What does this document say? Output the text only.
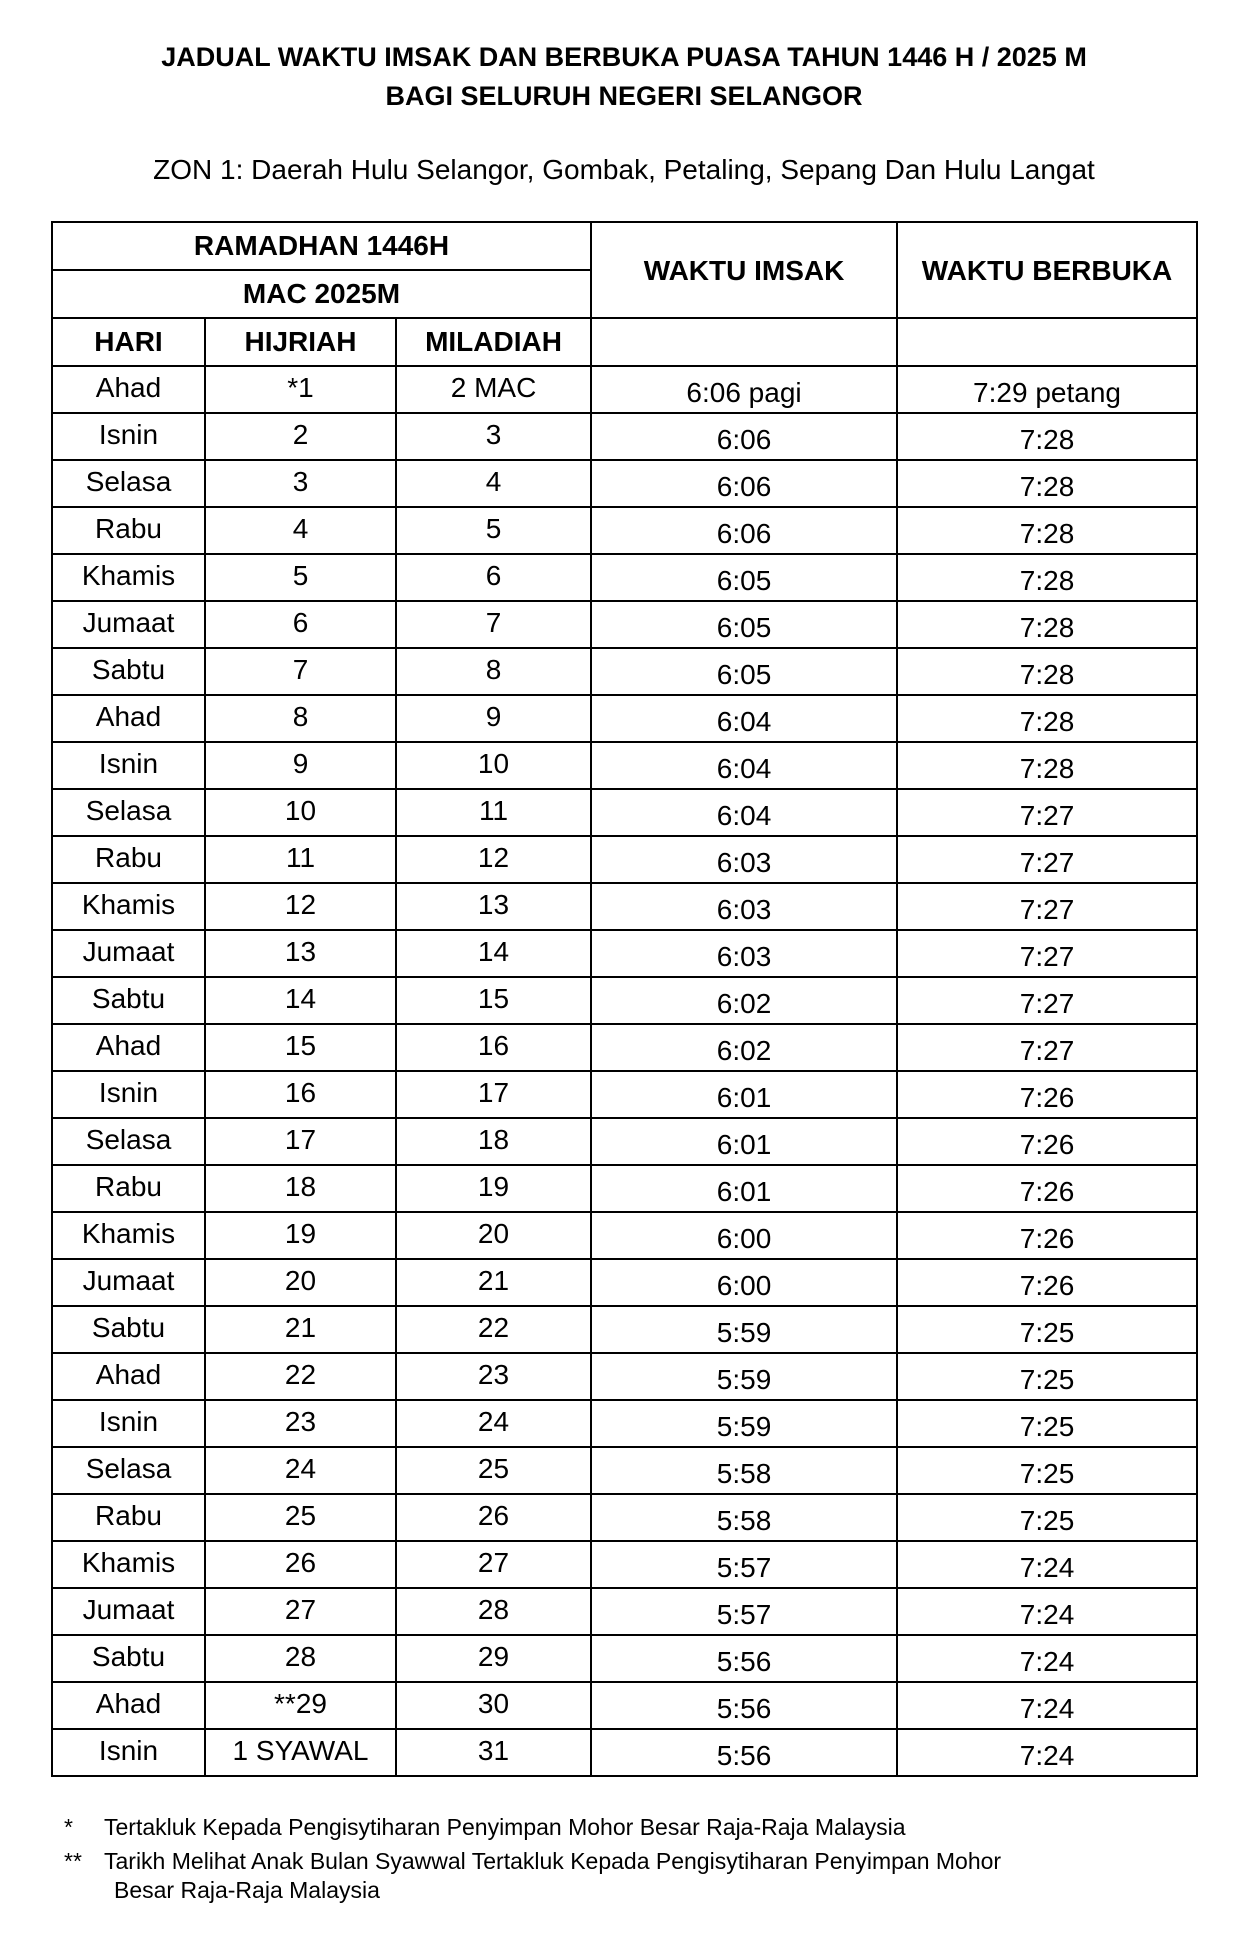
JADUAL WAKTU IMSAK DAN BERBUKA PUASA TAHUN 1446 H / 2025 M
BAGI SELURUH NEGERI SELANGOR
ZON 1: Daerah Hulu Selangor, Gombak, Petaling, Sepang Dan Hulu Langat
RAMADHAN 1446H			WAKTU IMSAK	WAKTU BERBUKA
MAC 2025M				
HARI	HIJRIAH	MILADIAH		
Ahad	*1	2 MAC	6:06 pagi	7:29 petang
Isnin	2	3	6:06	7:28
Selasa	3	4	6:06	7:28
Rabu	4	5	6:06	7:28
Khamis	5	6	6:05	7:28
Jumaat	6	7	6:05	7:28
Sabtu	7	8	6:05	7:28
Ahad	8	9	6:04	7:28
Isnin	9	10	6:04	7:28
Selasa	10	11	6:04	7:27
Rabu	11	12	6:03	7:27
Khamis	12	13	6:03	7:27
Jumaat	13	14	6:03	7:27
Sabtu	14	15	6:02	7:27
Ahad	15	16	6:02	7:27
Isnin	16	17	6:01	7:26
Selasa	17	18	6:01	7:26
Rabu	18	19	6:01	7:26
Khamis	19	20	6:00	7:26
Jumaat	20	21	6:00	7:26
Sabtu	21	22	5:59	7:25
Ahad	22	23	5:59	7:25
Isnin	23	24	5:59	7:25
Selasa	24	25	5:58	7:25
Rabu	25	26	5:58	7:25
Khamis	26	27	5:57	7:24
Jumaat	27	28	5:57	7:24
Sabtu	28	29	5:56	7:24
Ahad	**29	30	5:56	7:24
Isnin	1 SYAWAL	31	5:56	7:24
* Tertakluk Kepada Pengisytiharan Penyimpan Mohor Besar Raja-Raja Malaysia
** Tarikh Melihat Anak Bulan Syawwal Tertakluk Kepada Pengisytiharan Penyimpan Mohor
Besar Raja-Raja Malaysia
